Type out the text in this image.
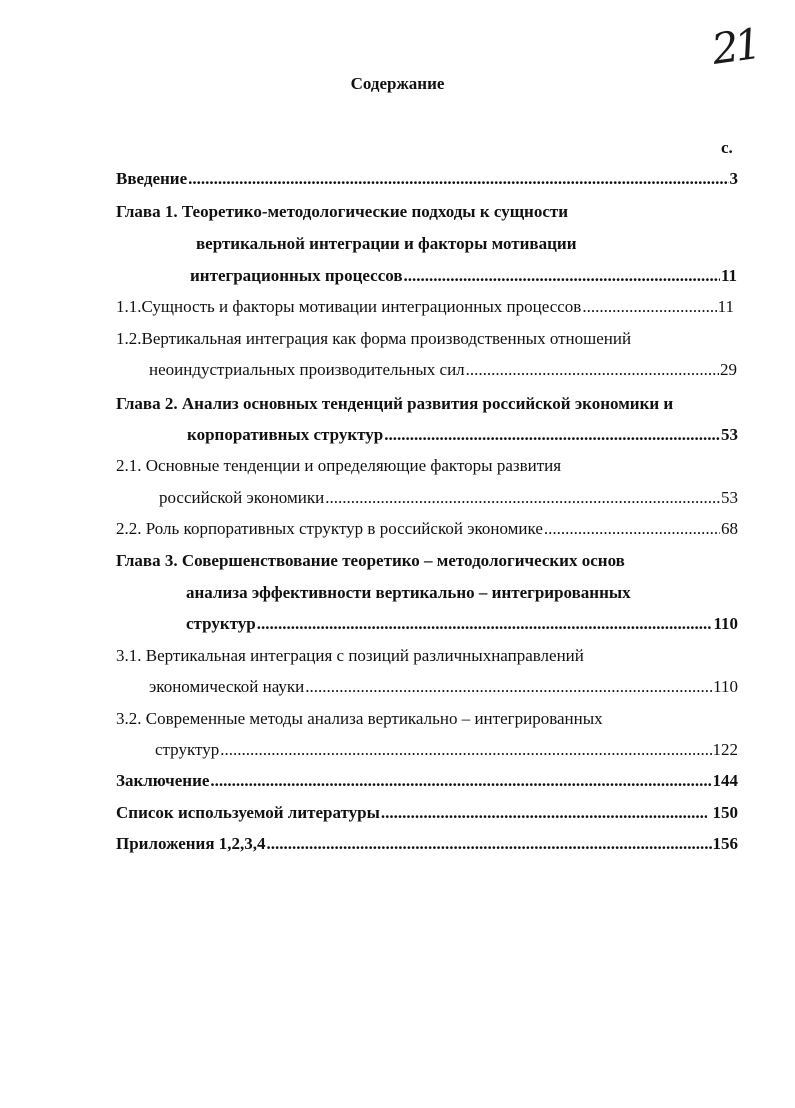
21
Содержание
с.
Введение .....	3
Глава 1. Теоретико-методологические подходы к сущности
вертикальной интеграции и факторы мотивации
интеграционных процессов .....	11
1.1.Сущность и факторы мотивации интеграционных процессов .....	11
1.2.Вертикальная интеграция как форма производственных отношений
неоиндустриальных производительных сил .....	29
Глава 2. Анализ основных тенденций развития российской экономики и
корпоративных структур .....	53
2.1. Основные тенденции и определяющие факторы развития
российской экономики .....	53
2.2. Роль корпоративных структур в российской экономике .....	68
Глава 3. Совершенствование теоретико – методологических основ
анализа эффективности вертикально – интегрированных
структур .....	110
3.1. Вертикальная интеграция с позиций различныхнаправлений
экономической науки .....	110
3.2. Современные методы анализа вертикально – интегрированных
структур .....	122
Заключение .....	144
Список используемой литературы .....	150
Приложения 1,2,3,4 .....	156
